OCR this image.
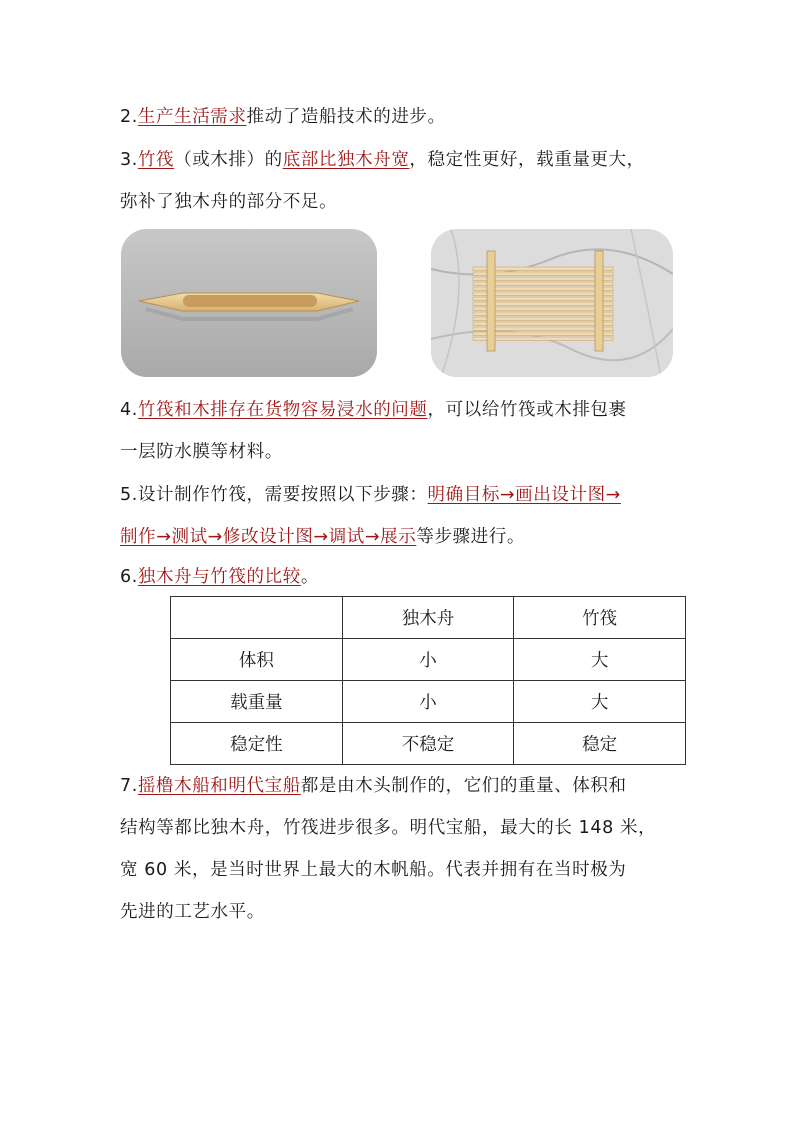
2.生产生活需求推动了造船技术的进步。
3.竹筏（或木排）的底部比独木舟宽，稳定性更好，载重量更大，
弥补了独木舟的部分不足。
4.竹筏和木排存在货物容易浸水的问题，可以给竹筏或木排包裹
一层防水膜等材料。
5.设计制作竹筏，需要按照以下步骤：明确目标→画出设计图→
制作→测试→修改设计图→调试→展示等步骤进行。
6.独木舟与竹筏的比较。
	独木舟	竹筏
体积	小	大
载重量	小	大
稳定性	不稳定	稳定
7.摇橹木船和明代宝船都是由木头制作的，它们的重量、体积和
结构等都比独木舟，竹筏进步很多。明代宝船，最大的长 148 米，
宽 60 米，是当时世界上最大的木帆船。代表并拥有在当时极为
先进的工艺水平。
